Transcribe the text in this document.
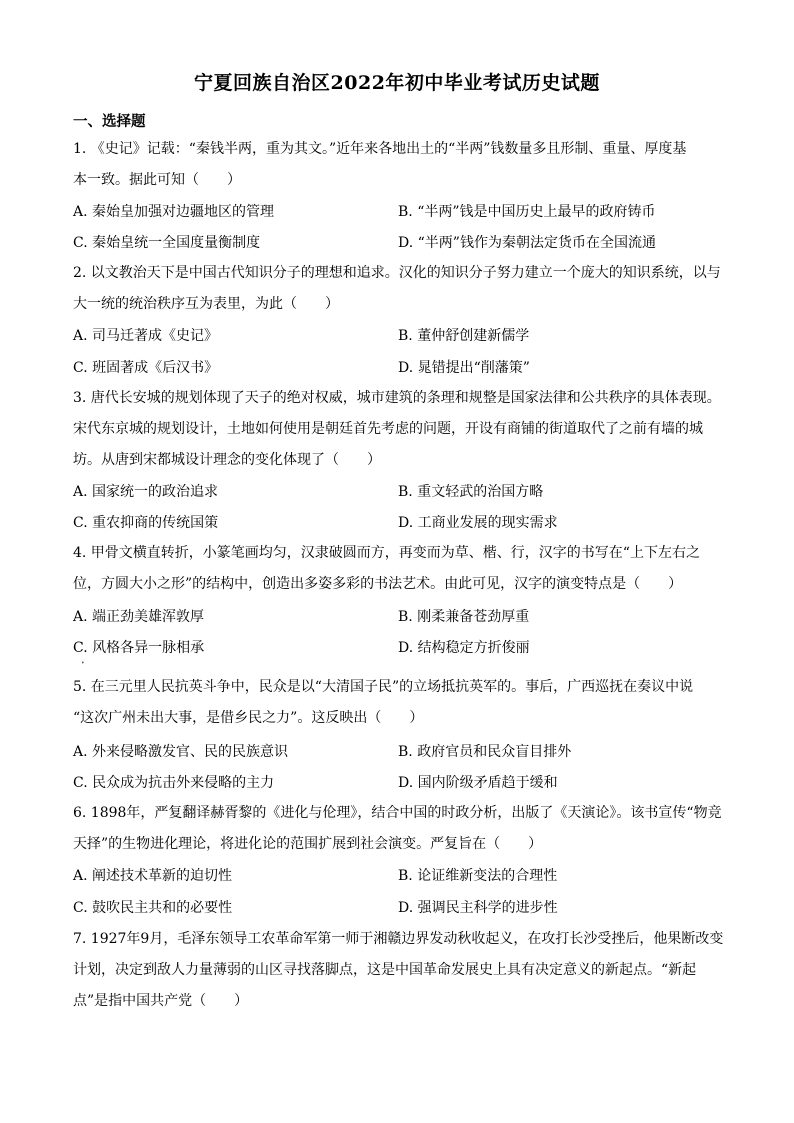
宁夏回族自治区2022年初中毕业考试历史试题
一、选择题

1. 《史记》记载：“秦钱半两，重为其文。”近年来各地出土的“半两”钱数量多且形制、重量、厚度基

本一致。据此可知（　　）

A. 秦始皇加强对边疆地区的管理	B. “半两”钱是中国历史上最早的政府铸币
C. 秦始皇统一全国度量衡制度	D. “半两”钱作为秦朝法定货币在全国流通

2. 以文教治天下是中国古代知识分子的理想和追求。汉化的知识分子努力建立一个庞大的知识系统，以与

大一统的统治秩序互为表里，为此（　　）

A. 司马迁著成《史记》	B. 董仲舒创建新儒学
C. 班固著成《后汉书》	D. 晁错提出“削藩策”

3. 唐代长安城的规划体现了天子的绝对权威，城市建筑的条理和规整是国家法律和公共秩序的具体表现。

宋代东京城的规划设计，土地如何使用是朝廷首先考虑的问题，开设有商铺的街道取代了之前有墙的城

坊。从唐到宋都城设计理念的变化体现了（　　）

A. 国家统一的政治追求	B. 重文轻武的治国方略
C. 重农抑商的传统国策	D. 工商业发展的现实需求

4. 甲骨文横直转折，小篆笔画均匀，汉隶破圆而方，再变而为草、楷、行，汉字的书写在“上下左右之

位，方圆大小之形”的结构中，创造出多姿多彩的书法艺术。由此可见，汉字的演变特点是（　　）

A. 端正劲美雄浑敦厚	B. 刚柔兼备苍劲厚重
C. 风格各异一脉相承	D. 结构稳定方折俊丽
•

5. 在三元里人民抗英斗争中，民众是以“大清国子民”的立场抵抗英军的。事后，广西巡抚在奏议中说

“这次广州未出大事，是借乡民之力”。这反映出（　　）

A. 外来侵略激发官、民的民族意识	B. 政府官员和民众盲目排外
C. 民众成为抗击外来侵略的主力	D. 国内阶级矛盾趋于缓和

6. 1898年，严复翻译赫胥黎的《进化与伦理》，结合中国的时政分析，出版了《天演论》。该书宣传“物竞

天择”的生物进化理论，将进化论的范围扩展到社会演变。严复旨在（　　）

A. 阐述技术革新的迫切性	B. 论证维新变法的合理性
C. 鼓吹民主共和的必要性	D. 强调民主科学的进步性

7. 1927年9月，毛泽东领导工农革命军第一师于湘赣边界发动秋收起义，在攻打长沙受挫后，他果断改变

计划，决定到敌人力量薄弱的山区寻找落脚点，这是中国革命发展史上具有决定意义的新起点。“新起

点”是指中国共产党（　　）
